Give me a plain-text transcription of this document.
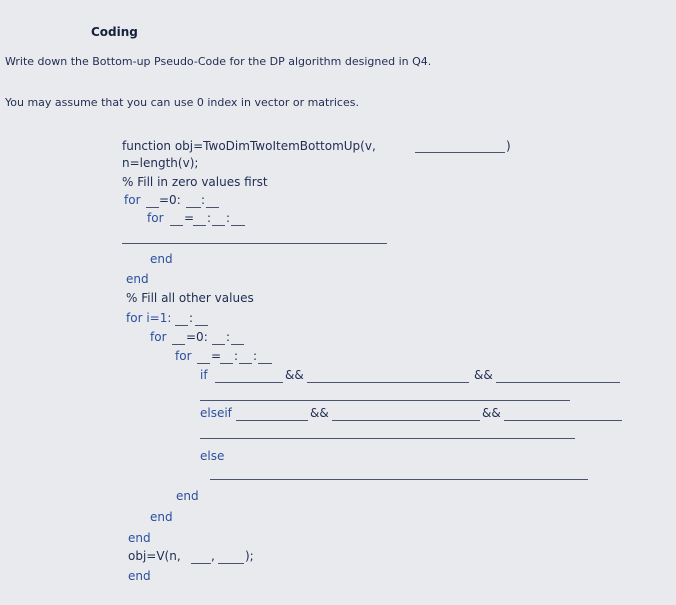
Coding
Write down the Bottom-up Pseudo-Code for the DP algorithm designed in Q4.
You may assume that you can use 0 index in vector or matrices.
function obj=TwoDimTwoItemBottomUp(v,	)
n=length(v);
% Fill in zero values first
for =0: :
for = : :
end
end
% Fill all other values
for i=1: :
for =0: :
for = : :
if	&&	&&
elseif	&&	&&
else
end
end
end
obj=V(n,	,	);
end
